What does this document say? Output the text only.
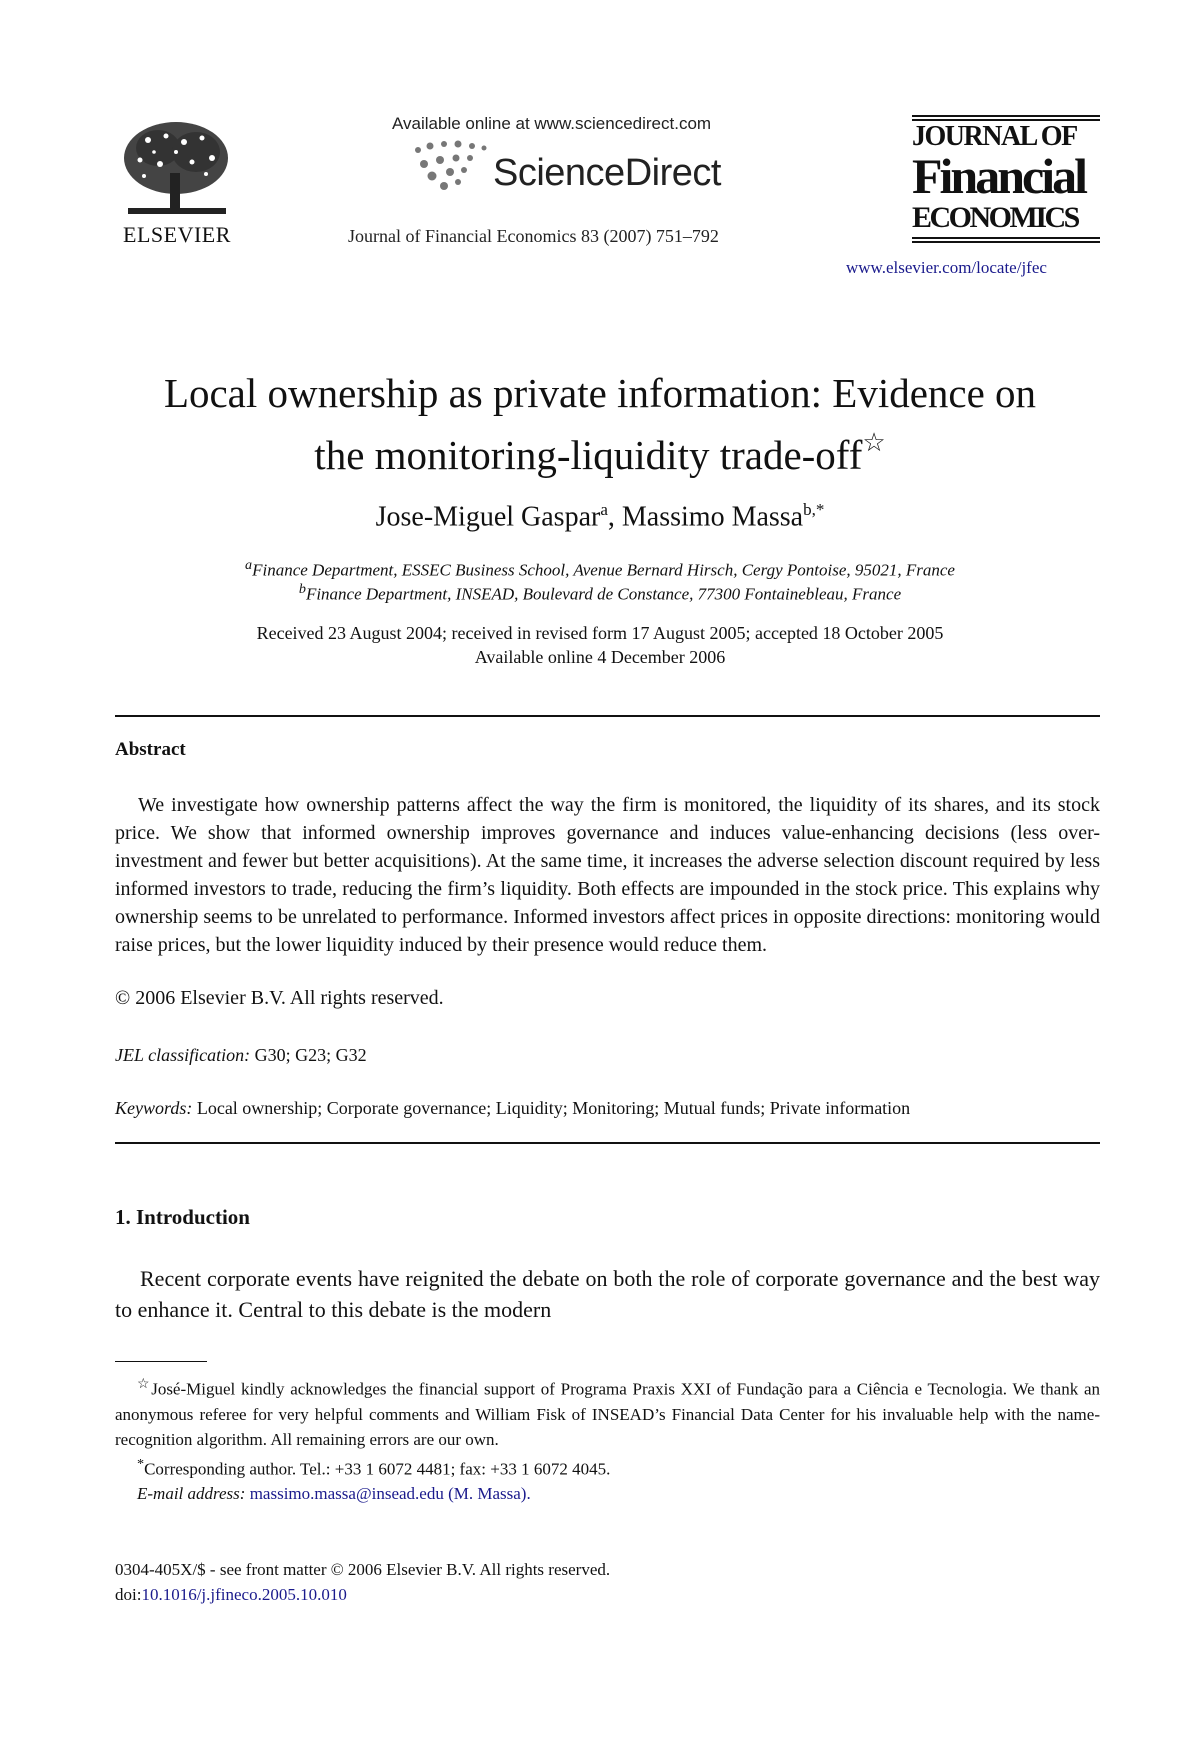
ELSEVIER
Available online at www.sciencedirect.com
ScienceDirect
Journal of Financial Economics 83 (2007) 751–792
JOURNAL OF
Financial
ECONOMICS
www.elsevier.com/locate/jfec
Local ownership as private information: Evidence on
the monitoring-liquidity trade-off☆
Jose-Miguel Gaspar$^a$, Massimo Massa$^{b,*}$
$^a$Finance Department, ESSEC Business School, Avenue Bernard Hirsch, Cergy Pontoise, 95021, France
$^b$Finance Department, INSEAD, Boulevard de Constance, 77300 Fontainebleau, France
Received 23 August 2004; received in revised form 17 August 2005; accepted 18 October 2005
Available online 4 December 2006
Abstract

We investigate how ownership patterns affect the way the firm is monitored, the liquidity of its shares, and its stock price. We show that informed ownership improves governance and induces value-enhancing decisions (less over-investment and fewer but better acquisitions). At the same time, it increases the adverse selection discount required by less informed investors to trade, reducing the firm’s liquidity. Both effects are impounded in the stock price. This explains why ownership seems to be unrelated to performance. Informed investors affect prices in opposite directions: monitoring would raise prices, but the lower liquidity induced by their presence would reduce them.

© 2006 Elsevier B.V. All rights reserved.
JEL classification: G30; G23; G32
Keywords: Local ownership; Corporate governance; Liquidity; Monitoring; Mutual funds; Private information
1. Introduction

Recent corporate events have reignited the debate on both the role of corporate governance and the best way to enhance it. Central to this debate is the modern

☆José-Miguel kindly acknowledges the financial support of Programa Praxis XXI of Fundação para a Ciência e Tecnologia. We thank an anonymous referee for very helpful comments and William Fisk of INSEAD’s Financial Data Center for his invaluable help with the name-recognition algorithm. All remaining errors are our own.

*Corresponding author. Tel.: +33 1 6072 4481; fax: +33 1 6072 4045.

E-mail address: massimo.massa@insead.edu (M. Massa).

0304-405X/$ - see front matter © 2006 Elsevier B.V. All rights reserved.
doi:10.1016/j.jfineco.2005.10.010
